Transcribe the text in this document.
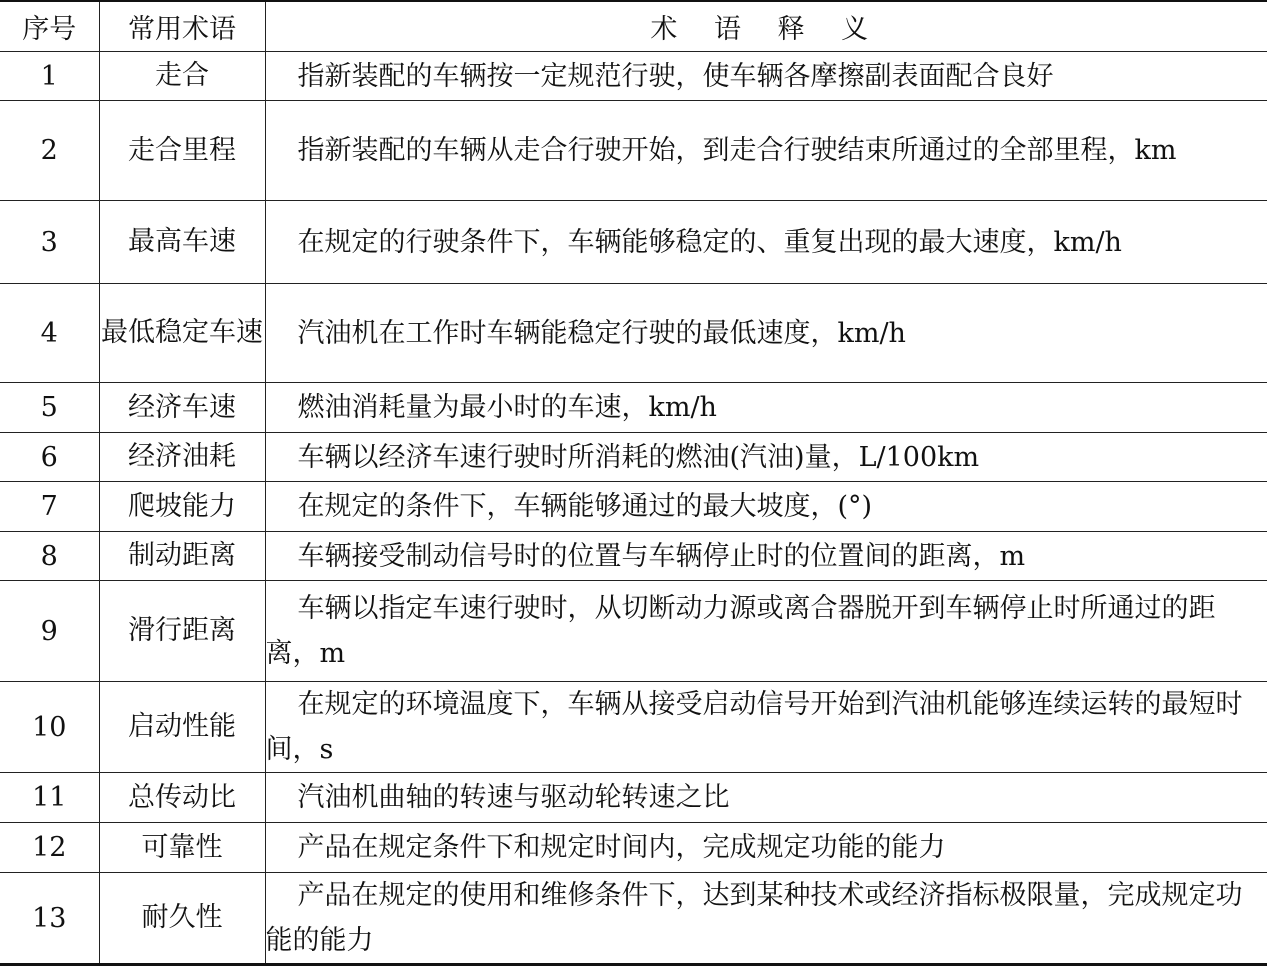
序号	常用术语	术 语 释 义
1	走合	指新装配的车辆按一定规范行驶，使车辆各摩擦副表面配合良好
2	走合里程	指新装配的车辆从走合行驶开始，到走合行驶结束所通过的全部里程，km
3	最高车速	在规定的行驶条件下，车辆能够稳定的、重复出现的最大速度，km/h
4	最低稳定车速	汽油机在工作时车辆能稳定行驶的最低速度，km/h
5	经济车速	燃油消耗量为最小时的车速，km/h
6	经济油耗	车辆以经济车速行驶时所消耗的燃油(汽油)量，L/100km
7	爬坡能力	在规定的条件下，车辆能够通过的最大坡度，(°)
8	制动距离	车辆接受制动信号时的位置与车辆停止时的位置间的距离，m
9	滑行距离	车辆以指定车速行驶时，从切断动力源或离合器脱开到车辆停止时所通过的距离，m
10	启动性能	在规定的环境温度下，车辆从接受启动信号开始到汽油机能够连续运转的最短时间，s
11	总传动比	汽油机曲轴的转速与驱动轮转速之比
12	可靠性	产品在规定条件下和规定时间内，完成规定功能的能力
13	耐久性	产品在规定的使用和维修条件下，达到某种技术或经济指标极限量，完成规定功能的能力
